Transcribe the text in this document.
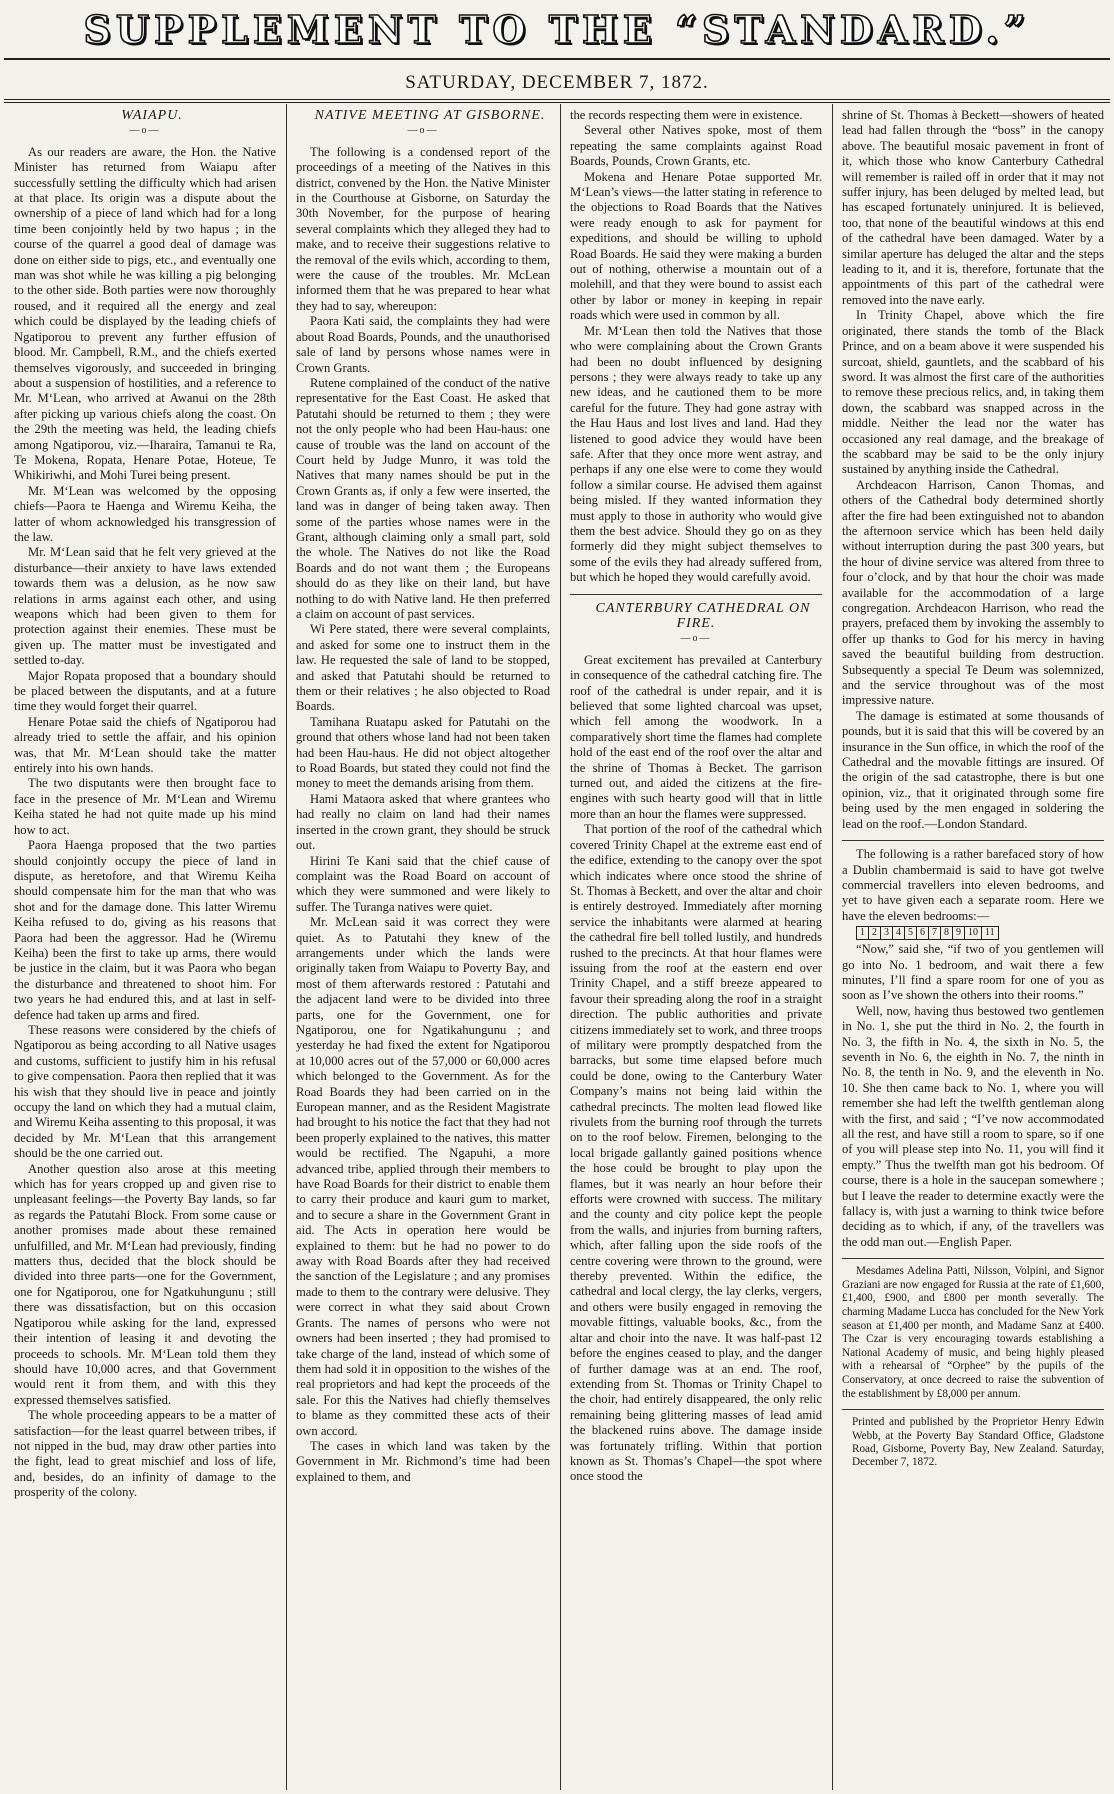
SUPPLEMENT TO THE “STANDARD.”
SATURDAY, DECEMBER 7, 1872.

WAIAPU.

—o—

As our readers are aware, the Hon. the Native Minister has returned from Waiapu after successfully settling the difficulty which had arisen at that place. Its origin was a dispute about the ownership of a piece of land which had for a long time been conjointly held by two hapus ; in the course of the quarrel a good deal of damage was done on either side to pigs, etc., and eventually one man was shot while he was killing a pig belonging to the other side. Both parties were now thoroughly roused, and it required all the energy and zeal which could be displayed by the leading chiefs of Ngatiporou to prevent any further effusion of blood. Mr. Campbell, R.M., and the chiefs exerted themselves vigorously, and succeeded in bringing about a suspension of hostilities, and a reference to Mr. M‘Lean, who arrived at Awanui on the 28th after picking up various chiefs along the coast. On the 29th the meeting was held, the leading chiefs among Ngatiporou, viz.—Iharaira, Tamanui te Ra, Te Mokena, Ropata, Henare Potae, Hoteue, Te Whikiriwhi, and Mohi Turei being present.

Mr. M‘Lean was welcomed by the opposing chiefs—Paora te Haenga and Wiremu Keiha, the latter of whom acknowledged his transgression of the law.

Mr. M‘Lean said that he felt very grieved at the disturbance—their anxiety to have laws extended towards them was a delusion, as he now saw relations in arms against each other, and using weapons which had been given to them for protection against their enemies. These must be given up. The matter must be investigated and settled to-day.

Major Ropata proposed that a boundary should be placed between the disputants, and at a future time they would forget their quarrel.

Henare Potae said the chiefs of Ngatiporou had already tried to settle the affair, and his opinion was, that Mr. M‘Lean should take the matter entirely into his own hands.

The two disputants were then brought face to face in the presence of Mr. M‘Lean and Wiremu Keiha stated he had not quite made up his mind how to act.

Paora Haenga proposed that the two parties should conjointly occupy the piece of land in dispute, as heretofore, and that Wiremu Keiha should compensate him for the man that who was shot and for the damage done. This latter Wiremu Keiha refused to do, giving as his reasons that Paora had been the aggressor. Had he (Wiremu Keiha) been the first to take up arms, there would be justice in the claim, but it was Paora who began the disturbance and threatened to shoot him. For two years he had endured this, and at last in self-defence had taken up arms and fired.

These reasons were considered by the chiefs of Ngatiporou as being according to all Native usages and customs, sufficient to justify him in his refusal to give compensation. Paora then replied that it was his wish that they should live in peace and jointly occupy the land on which they had a mutual claim, and Wiremu Keiha assenting to this proposal, it was decided by Mr. M‘Lean that this arrangement should be the one carried out.

Another question also arose at this meeting which has for years cropped up and given rise to unpleasant feelings—the Poverty Bay lands, so far as regards the Patutahi Block. From some cause or another promises made about these remained unfulfilled, and Mr. M‘Lean had previously, finding matters thus, decided that the block should be divided into three parts—one for the Government, one for Ngatiporou, one for Ngatkuhungunu ; still there was dissatisfaction, but on this occasion Ngatiporou while asking for the land, expressed their intention of leasing it and devoting the proceeds to schools. Mr. M‘Lean told them they should have 10,000 acres, and that Government would rent it from them, and with this they expressed themselves satisfied.

The whole proceeding appears to be a matter of satisfaction—for the least quarrel between tribes, if not nipped in the bud, may draw other parties into the fight, lead to great mischief and loss of life, and, besides, do an infinity of damage to the prosperity of the colony.

NATIVE MEETING AT GISBORNE.

—o—

The following is a condensed report of the proceedings of a meeting of the Natives in this district, convened by the Hon. the Native Minister in the Courthouse at Gisborne, on Saturday the 30th November, for the purpose of hearing several complaints which they alleged they had to make, and to receive their suggestions relative to the removal of the evils which, according to them, were the cause of the troubles. Mr. McLean informed them that he was prepared to hear what they had to say, whereupon:

Paora Kati said, the complaints they had were about Road Boards, Pounds, and the unauthorised sale of land by persons whose names were in Crown Grants.

Rutene complained of the conduct of the native representative for the East Coast. He asked that Patutahi should be returned to them ; they were not the only people who had been Hau-haus: one cause of trouble was the land on account of the Court held by Judge Munro, it was told the Natives that many names should be put in the Crown Grants as, if only a few were inserted, the land was in danger of being taken away. Then some of the parties whose names were in the Grant, although claiming only a small part, sold the whole. The Natives do not like the Road Boards and do not want them ; the Europeans should do as they like on their land, but have nothing to do with Native land. He then preferred a claim on account of past services.

Wi Pere stated, there were several complaints, and asked for some one to instruct them in the law. He requested the sale of land to be stopped, and asked that Patutahi should be returned to them or their relatives ; he also objected to Road Boards.

Tamihana Ruatapu asked for Patutahi on the ground that others whose land had not been taken had been Hau-haus. He did not object altogether to Road Boards, but stated they could not find the money to meet the demands arising from them.

Hami Mataora asked that where grantees who had really no claim on land had their names inserted in the crown grant, they should be struck out.

Hirini Te Kani said that the chief cause of complaint was the Road Board on account of which they were summoned and were likely to suffer. The Turanga natives were quiet.

Mr. McLean said it was correct they were quiet. As to Patutahi they knew of the arrangements under which the lands were originally taken from Waiapu to Poverty Bay, and most of them afterwards restored : Patutahi and the adjacent land were to be divided into three parts, one for the Government, one for Ngatiporou, one for Ngatikahungunu ; and yesterday he had fixed the extent for Ngatiporou at 10,000 acres out of the 57,000 or 60,000 acres which belonged to the Government. As for the Road Boards they had been carried on in the European manner, and as the Resident Magistrate had brought to his notice the fact that they had not been properly explained to the natives, this matter would be rectified. The Ngapuhi, a more advanced tribe, applied through their members to have Road Boards for their district to enable them to carry their produce and kauri gum to market, and to secure a share in the Government Grant in aid. The Acts in operation here would be explained to them: but he had no power to do away with Road Boards after they had received the sanction of the Legislature ; and any promises made to them to the contrary were delusive. They were correct in what they said about Crown Grants. The names of persons who were not owners had been inserted ; they had promised to take charge of the land, instead of which some of them had sold it in opposition to the wishes of the real proprietors and had kept the proceeds of the sale. For this the Natives had chiefly themselves to blame as they committed these acts of their own accord.

The cases in which land was taken by the Government in Mr. Richmond’s time had been explained to them, and

the records respecting them were in existence.

Several other Natives spoke, most of them repeating the same complaints against Road Boards, Pounds, Crown Grants, etc.

Mokena and Henare Potae supported Mr. M‘Lean’s views—the latter stating in reference to the objections to Road Boards that the Natives were ready enough to ask for payment for expeditions, and should be willing to uphold Road Boards. He said they were making a burden out of nothing, otherwise a mountain out of a molehill, and that they were bound to assist each other by labor or money in keeping in repair roads which were used in common by all.

Mr. M‘Lean then told the Natives that those who were complaining about the Crown Grants had been no doubt influenced by designing persons ; they were always ready to take up any new ideas, and he cautioned them to be more careful for the future. They had gone astray with the Hau Haus and lost lives and land. Had they listened to good advice they would have been safe. After that they once more went astray, and perhaps if any one else were to come they would follow a similar course. He advised them against being misled. If they wanted information they must apply to those in authority who would give them the best advice. Should they go on as they formerly did they might subject themselves to some of the evils they had already suffered from, but which he hoped they would carefully avoid.

CANTERBURY CATHEDRAL ON FIRE.

—o—

Great excitement has prevailed at Canterbury in consequence of the cathedral catching fire. The roof of the cathedral is under repair, and it is believed that some lighted charcoal was upset, which fell among the woodwork. In a comparatively short time the flames had complete hold of the east end of the roof over the altar and the shrine of Thomas à Becket. The garrison turned out, and aided the citizens at the fire-engines with such hearty good will that in little more than an hour the flames were suppressed.

That portion of the roof of the cathedral which covered Trinity Chapel at the extreme east end of the edifice, extending to the canopy over the spot which indicates where once stood the shrine of St. Thomas à Beckett, and over the altar and choir is entirely destroyed. Immediately after morning service the inhabitants were alarmed at hearing the cathedral fire bell tolled lustily, and hundreds rushed to the precincts. At that hour flames were issuing from the roof at the eastern end over Trinity Chapel, and a stiff breeze appeared to favour their spreading along the roof in a straight direction. The public authorities and private citizens immediately set to work, and three troops of military were promptly despatched from the barracks, but some time elapsed before much could be done, owing to the Canterbury Water Company’s mains not being laid within the cathedral precincts. The molten lead flowed like rivulets from the burning roof through the turrets on to the roof below. Firemen, belonging to the local brigade gallantly gained positions whence the hose could be brought to play upon the flames, but it was nearly an hour before their efforts were crowned with success. The military and the county and city police kept the people from the walls, and injuries from burning rafters, which, after falling upon the side roofs of the centre covering were thrown to the ground, were thereby prevented. Within the edifice, the cathedral and local clergy, the lay clerks, vergers, and others were busily engaged in removing the movable fittings, valuable books, &c., from the altar and choir into the nave. It was half-past 12 before the engines ceased to play, and the danger of further damage was at an end. The roof, extending from St. Thomas or Trinity Chapel to the choir, had entirely disappeared, the only relic remaining being glittering masses of lead amid the blackened ruins above. The damage inside was fortunately trifling. Within that portion known as St. Thomas’s Chapel—the spot where once stood the

shrine of St. Thomas à Beckett—showers of heated lead had fallen through the “boss” in the canopy above. The beautiful mosaic pavement in front of it, which those who know Canterbury Cathedral will remember is railed off in order that it may not suffer injury, has been deluged by melted lead, but has escaped fortunately uninjured. It is believed, too, that none of the beautiful windows at this end of the cathedral have been damaged. Water by a similar aperture has deluged the altar and the steps leading to it, and it is, therefore, fortunate that the appointments of this part of the cathedral were removed into the nave early.

In Trinity Chapel, above which the fire originated, there stands the tomb of the Black Prince, and on a beam above it were suspended his surcoat, shield, gauntlets, and the scabbard of his sword. It was almost the first care of the authorities to remove these precious relics, and, in taking them down, the scabbard was snapped across in the middle. Neither the lead nor the water has occasioned any real damage, and the breakage of the scabbard may be said to be the only injury sustained by anything inside the Cathedral.

Archdeacon Harrison, Canon Thomas, and others of the Cathedral body determined shortly after the fire had been extinguished not to abandon the afternoon service which has been held daily without interruption during the past 300 years, but the hour of divine service was altered from three to four o’clock, and by that hour the choir was made available for the accommodation of a large congregation. Archdeacon Harrison, who read the prayers, prefaced them by invoking the assembly to offer up thanks to God for his mercy in having saved the beautiful building from destruction. Subsequently a special Te Deum was solemnized, and the service throughout was of the most impressive nature.

The damage is estimated at some thousands of pounds, but it is said that this will be covered by an insurance in the Sun office, in which the roof of the Cathedral and the movable fittings are insured. Of the origin of the sad catastrophe, there is but one opinion, viz., that it originated through some fire being used by the men engaged in soldering the lead on the roof.—London Standard.

The following is a rather barefaced story of how a Dublin chambermaid is said to have got twelve commercial travellers into eleven bedrooms, and yet to have given each a separate room. Here we have the eleven bedrooms:—

1 2 3 4 5 6 7 8 9 10 11

“Now,” said she, “if two of you gentlemen will go into No. 1 bedroom, and wait there a few minutes, I’ll find a spare room for one of you as soon as I’ve shown the others into their rooms.”

Well, now, having thus bestowed two gentlemen in No. 1, she put the third in No. 2, the fourth in No. 3, the fifth in No. 4, the sixth in No. 5, the seventh in No. 6, the eighth in No. 7, the ninth in No. 8, the tenth in No. 9, and the eleventh in No. 10. She then came back to No. 1, where you will remember she had left the twelfth gentleman along with the first, and said ; “I’ve now accommodated all the rest, and have still a room to spare, so if one of you will please step into No. 11, you will find it empty.” Thus the twelfth man got his bedroom. Of course, there is a hole in the saucepan somewhere ; but I leave the reader to determine exactly were the fallacy is, with just a warning to think twice before deciding as to which, if any, of the travellers was the odd man out.—English Paper.

Mesdames Adelina Patti, Nilsson, Volpini, and Signor Graziani are now engaged for Russia at the rate of £1,600, £1,400, £900, and £800 per month severally. The charming Madame Lucca has concluded for the New York season at £1,400 per month, and Madame Sanz at £400. The Czar is very encouraging towards establishing a National Academy of music, and being highly pleased with a rehearsal of “Orphee” by the pupils of the Conservatory, at once decreed to raise the subvention of the establishment by £8,000 per annum.

Printed and published by the Proprietor Henry Edwin Webb, at the Poverty Bay Standard Office, Gladstone Road, Gisborne, Poverty Bay, New Zealand. Saturday, December 7, 1872.
